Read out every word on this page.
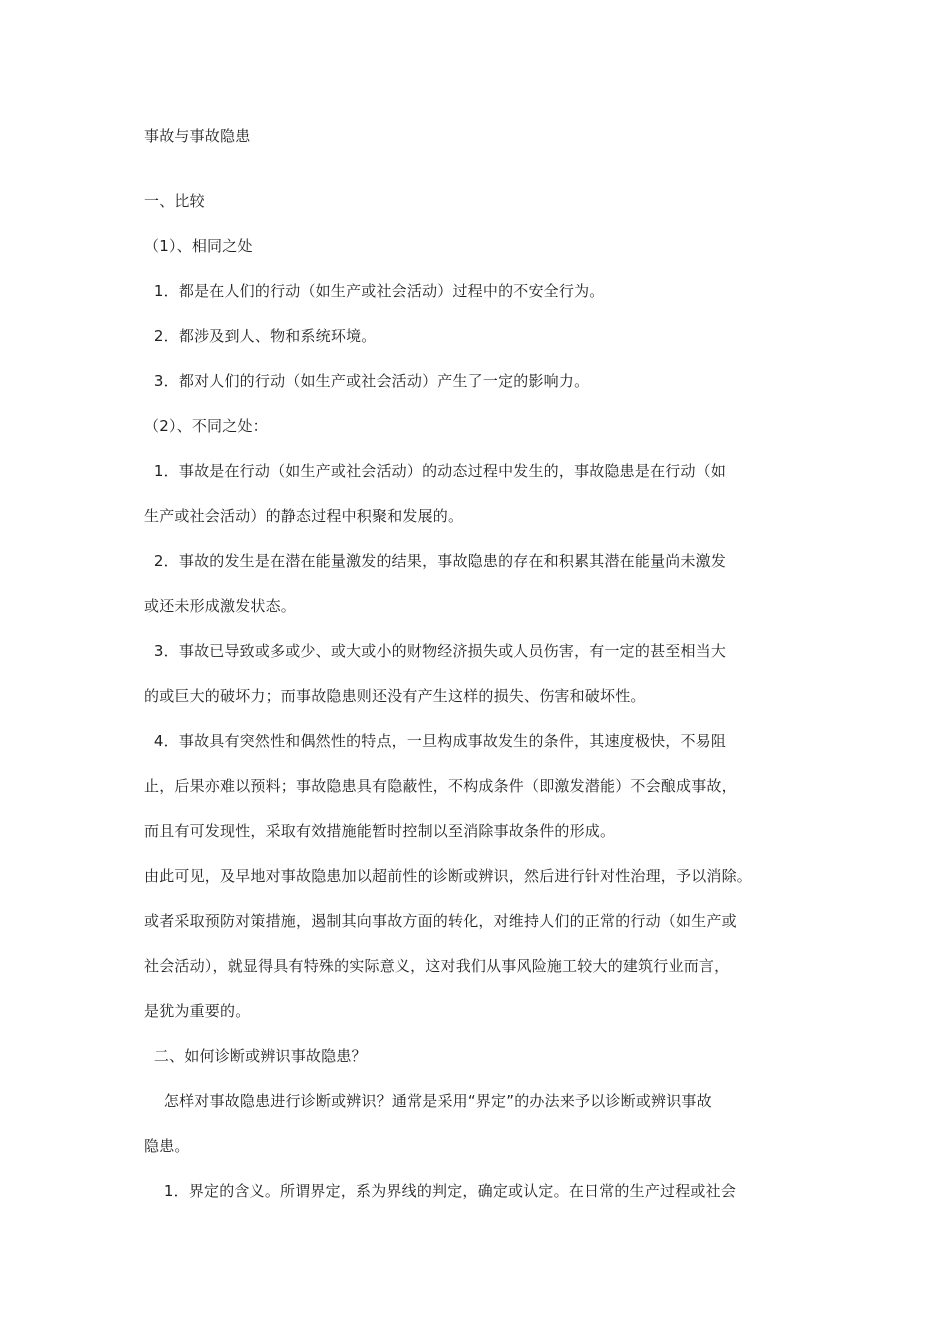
事故与事故隐患
一、比较
（1）、相同之处
1．都是在人们的行动（如生产或社会活动）过程中的不安全行为。
2．都涉及到人、物和系统环境。
3．都对人们的行动（如生产或社会活动）产生了一定的影响力。
（2）、不同之处：
1．事故是在行动（如生产或社会活动）的动态过程中发生的，事故隐患是在行动（如
生产或社会活动）的静态过程中积聚和发展的。
2．事故的发生是在潜在能量激发的结果，事故隐患的存在和积累其潜在能量尚未激发
或还未形成激发状态。
3．事故已导致或多或少、或大或小的财物经济损失或人员伤害，有一定的甚至相当大
的或巨大的破坏力；而事故隐患则还没有产生这样的损失、伤害和破坏性。
4．事故具有突然性和偶然性的特点，一旦构成事故发生的条件，其速度极快，不易阻
止，后果亦难以预料；事故隐患具有隐蔽性，不构成条件（即激发潜能）不会酿成事故，
而且有可发现性，采取有效措施能暂时控制以至消除事故条件的形成。
由此可见，及早地对事故隐患加以超前性的诊断或辨识，然后进行针对性治理，予以消除。
或者采取预防对策措施，遏制其向事故方面的转化，对维持人们的正常的行动（如生产或
社会活动），就显得具有特殊的实际意义，这对我们从事风险施工较大的建筑行业而言，
是犹为重要的。
二、如何诊断或辨识事故隐患？
怎样对事故隐患进行诊断或辨识？通常是采用“界定”的办法来予以诊断或辨识事故
隐患。
1．界定的含义。所谓界定，系为界线的判定，确定或认定。在日常的生产过程或社会
